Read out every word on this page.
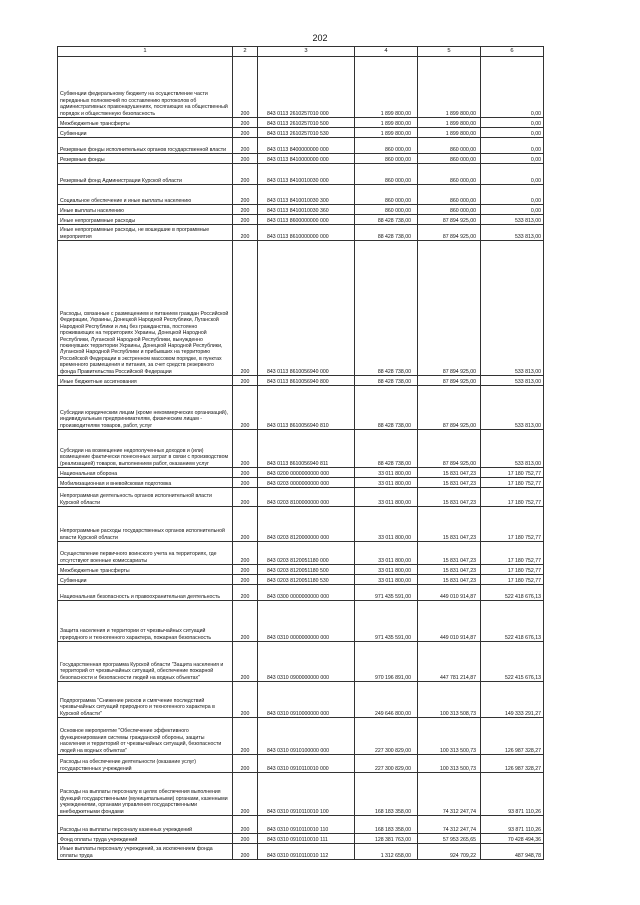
202
1	2	3	4	5	6
Субвенции федеральному бюджету на осуществление части переданных полномочий по составлению протоколов об административных правонарушениях, посягающих на общественный порядок и общественную безопасность	200	843 0113 2610257010 000	1 899 800,00	1 899 800,00	0,00
Межбюджетные трансферты	200	843 0113 2610257010 500	1 899 800,00	1 899 800,00	0,00
Субвенции	200	843 0113 2610257010 530	1 899 800,00	1 899 800,00	0,00
Резервные фонды исполнительных органов государственной власти	200	843 0113 8400000000 000	860 000,00	860 000,00	0,00
Резервные фонды	200	843 0113 8410000000 000	860 000,00	860 000,00	0,00
Резервный фонд Администрации Курской области	200	843 0113 8410010030 000	860 000,00	860 000,00	0,00
Социальное обеспечение и иные выплаты населению	200	843 0113 8410010030 300	860 000,00	860 000,00	0,00
Иные выплаты населению	200	843 0113 8410010030 360	860 000,00	860 000,00	0,00
Иные непрограммные расходы	200	843 0113 8600000000 000	88 428 738,00	87 894 925,00	533 813,00
Иные непрограммные расходы, не вошедшие в программные мероприятия	200	843 0113 8610000000 000	88 428 738,00	87 894 925,00	533 813,00
Расходы, связанные с размещением и питанием граждан Российской Федерации, Украины, Донецкой Народной Республики, Луганской Народной Республики и лиц без гражданства, постоянно проживающих на территориях Украины, Донецкой Народной Республики, Луганской Народной Республики, вынужденно покинувших территории Украины, Донецкой Народной Республики, Луганской Народной Республики и прибывших на территорию Российской Федерации в экстренном массовом порядке, в пунктах временного размещения и питания, за счет средств резервного фонда Правительства Российской Федерации	200	843 0113 8610056940 000	88 428 738,00	87 894 925,00	533 813,00
Иные бюджетные ассигнования	200	843 0113 8610056940 800	88 428 738,00	87 894 925,00	533 813,00
Субсидии юридическим лицам (кроме некоммерческих организаций), индивидуальным предпринимателям, физическим лицам - производителям товаров, работ, услуг	200	843 0113 8610056940 810	88 428 738,00	87 894 925,00	533 813,00
Субсидии на возмещение недополученных доходов и (или) возмещение фактически понесенных затрат в связи с производством (реализацией) товаров, выполнением работ, оказанием услуг	200	843 0113 8610056940 811	88 428 738,00	87 894 925,00	533 813,00
Национальная оборона	200	843 0200 0000000000 000	33 011 800,00	15 831 047,23	17 180 752,77
Мобилизационная и вневойсковая подготовка	200	843 0203 0000000000 000	33 011 800,00	15 831 047,23	17 180 752,77
Непрограммная деятельность органов исполнительной власти Курской области	200	843 0203 8100000000 000	33 011 800,00	15 831 047,23	17 180 752,77
Непрограммные расходы государственных органов исполнительной власти Курской области	200	843 0203 8120000000 000	33 011 800,00	15 831 047,23	17 180 752,77
Осуществление первичного воинского учета на территориях, где отсутствуют военные комиссариаты	200	843 0203 8120051180 000	33 011 800,00	15 831 047,23	17 180 752,77
Межбюджетные трансферты	200	843 0203 8120051180 500	33 011 800,00	15 831 047,23	17 180 752,77
Субвенции	200	843 0203 8120051180 530	33 011 800,00	15 831 047,23	17 180 752,77
Национальная безопасность и правоохранительная деятельность	200	843 0300 0000000000 000	971 435 591,00	449 010 914,87	522 418 676,13
Защита населения и территории от чрезвычайных ситуаций природного и техногенного характера, пожарная безопасность	200	843 0310 0000000000 000	971 435 591,00	449 010 914,87	522 418 676,13
Государственная программа Курской области "Защита населения и территорий от чрезвычайных ситуаций, обеспечение пожарной безопасности и безопасности людей на водных объектах"	200	843 0310 0900000000 000	970 196 891,00	447 781 214,87	522 415 676,13
Подпрограмма "Снижение рисков и смягчение последствий чрезвычайных ситуаций природного и техногенного характера в Курской области"	200	843 0310 0910000000 000	249 646 800,00	100 313 508,73	149 333 291,27
Основное мероприятие "Обеспечение эффективного функционирования системы гражданской обороны, защиты населения и территорий от чрезвычайных ситуаций, безопасности людей на водных объектах"	200	843 0310 0910100000 000	227 300 829,00	100 313 500,73	126 987 328,27
Расходы на обеспечение деятельности (оказание услуг) государственных учреждений	200	843 0310 0910110010 000	227 300 829,00	100 313 500,73	126 987 328,27
Расходы на выплаты персоналу в целях обеспечения выполнения функций государственными (муниципальными) органами, казенными учреждениями, органами управления государственными внебюджетными фондами	200	843 0310 0910110010 100	168 183 358,00	74 312 247,74	93 871 110,26
Расходы на выплаты персоналу казенных учреждений	200	843 0310 0910110010 110	168 183 358,00	74 312 247,74	93 871 110,26
Фонд оплаты труда учреждений	200	843 0310 0910110010 111	128 381 763,00	57 953 265,65	70 428 494,36
Иные выплаты персоналу учреждений, за исключением фонда оплаты труда	200	843 0310 0910110010 112	1 312 658,00	924 709,22	487 948,78
